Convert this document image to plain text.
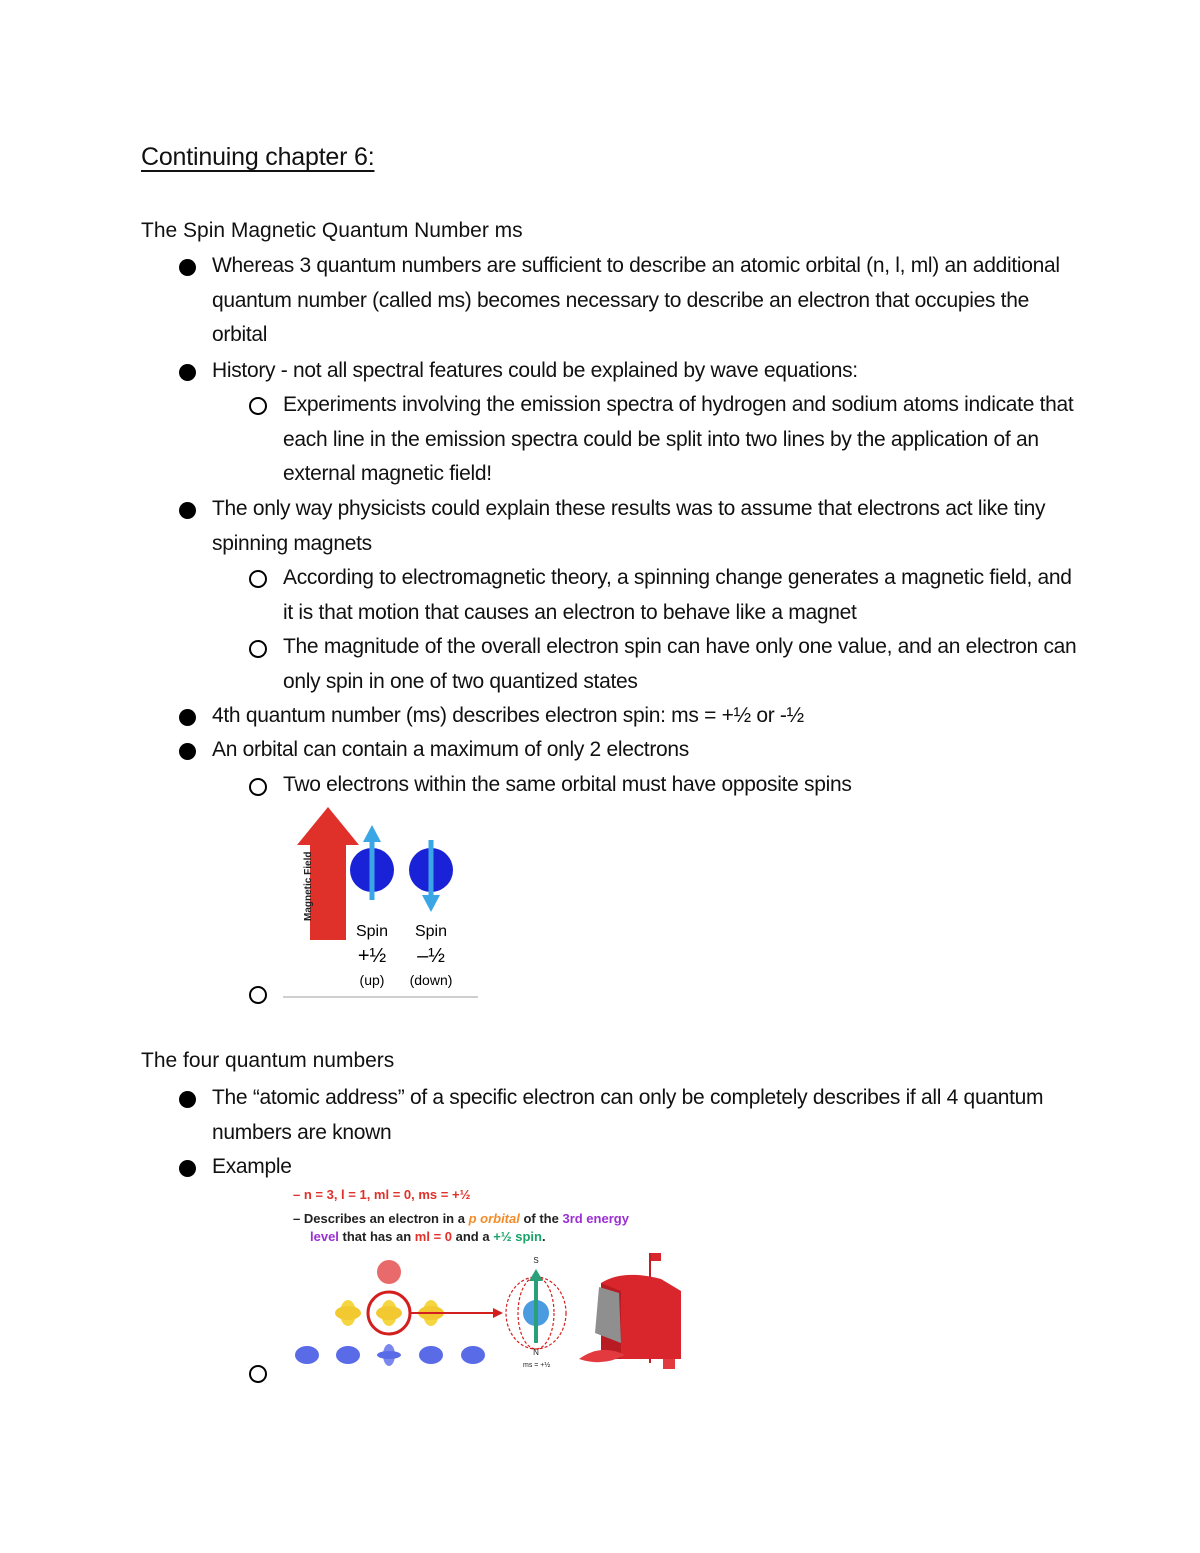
Continuing chapter 6:
The Spin Magnetic Quantum Number ms
Whereas 3 quantum numbers are sufficient to describe an atomic orbital (n, l, ml) an additional quantum number (called ms) becomes necessary to describe an electron that occupies the orbital
History - not all spectral features could be explained by wave equations:
Experiments involving the emission spectra of hydrogen and sodium atoms indicate that each line in the emission spectra could be split into two lines by the application of an external magnetic field!
The only way physicists could explain these results was to assume that electrons act like tiny spinning magnets
According to electromagnetic theory, a spinning change generates a magnetic field, and it is that motion that causes an electron to behave like a magnet
The magnitude of the overall electron spin can have only one value, and an electron can only spin in one of two quantized states
4th quantum number (ms) describes electron spin: ms = +½ or -½
An orbital can contain a maximum of only 2 electrons
Two electrons within the same orbital must have opposite spins
Magnetic Field
Spin Spin
+½ –½
(up) (down)
The four quantum numbers
The “atomic address” of a specific electron can only be completely describes if all 4 quantum numbers are known
Example
– n = 3, l = 1, ml = 0, ms = +½
– Describes an electron in a p orbital of the 3rd energy
level that has an ml = 0 and a +½ spin.
S
N
ms = +½
